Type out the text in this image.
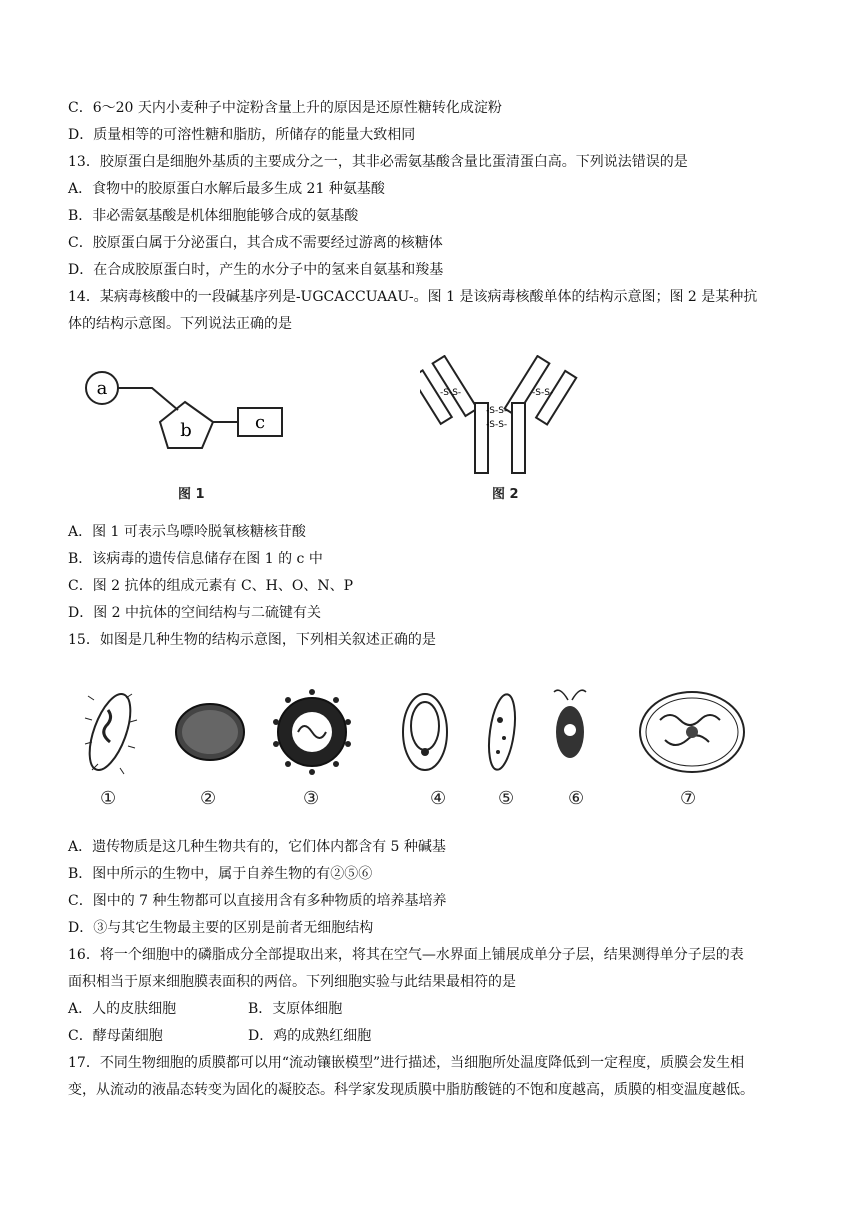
C．6～20 天内小麦种子中淀粉含量上升的原因是还原性糖转化成淀粉
D．质量相等的可溶性糖和脂肪，所储存的能量大致相同
13．胶原蛋白是细胞外基质的主要成分之一，其非必需氨基酸含量比蛋清蛋白高。下列说法错误的是
A．食物中的胶原蛋白水解后最多生成 21 种氨基酸
B．非必需氨基酸是机体细胞能够合成的氨基酸
C．胶原蛋白属于分泌蛋白，其合成不需要经过游离的核糖体
D．在合成胶原蛋白时，产生的水分子中的氢来自氨基和羧基
14．某病毒核酸中的一段碱基序列是-UGCACCUAAU-。图 1 是该病毒核酸单体的结构示意图；图 2 是某种抗
体的结构示意图。下列说法正确的是
a
b	c
图 1
-S-S-
-S-S-
-S-S-
-S-S-
图 2
A．图 1 可表示鸟嘌呤脱氧核糖核苷酸
B．该病毒的遗传信息储存在图 1 的 c 中
C．图 2 抗体的组成元素有 C、H、O、N、P
D．图 2 中抗体的空间结构与二硫键有关
15．如图是几种生物的结构示意图，下列相关叙述正确的是
①	②	③	④	⑤	⑥	⑦
A．遗传物质是这几种生物共有的，它们体内都含有 5 种碱基
B．图中所示的生物中，属于自养生物的有②⑤⑥
C．图中的 7 种生物都可以直接用含有多种物质的培养基培养
D．③与其它生物最主要的区别是前者无细胞结构
16．将一个细胞中的磷脂成分全部提取出来，将其在空气—水界面上铺展成单分子层，结果测得单分子层的表
面积相当于原来细胞膜表面积的两倍。下列细胞实验与此结果最相符的是
A．人的皮肤细胞	B．支原体细胞
C．酵母菌细胞	D．鸡的成熟红细胞
17．不同生物细胞的质膜都可以用“流动镶嵌模型”进行描述，当细胞所处温度降低到一定程度，质膜会发生相
变，从流动的液晶态转变为固化的凝胶态。科学家发现质膜中脂肪酸链的不饱和度越高，质膜的相变温度越低。
